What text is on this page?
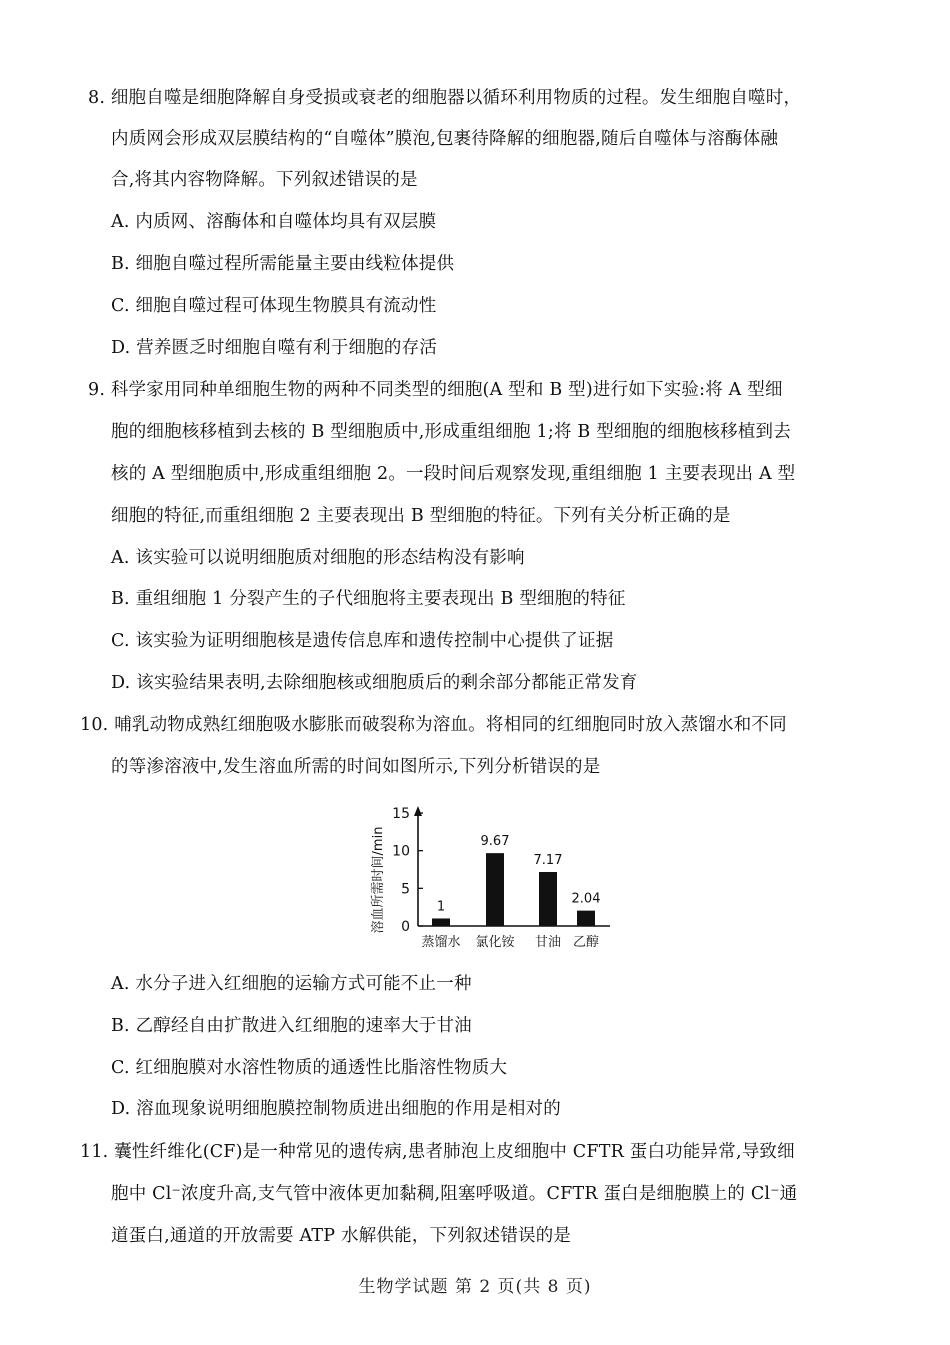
8. 细胞自噬是细胞降解自身受损或衰老的细胞器以循环利用物质的过程。发生细胞自噬时，
内质网会形成双层膜结构的“自噬体”膜泡,包裹待降解的细胞器,随后自噬体与溶酶体融
合,将其内容物降解。下列叙述错误的是
A. 内质网、溶酶体和自噬体均具有双层膜
B. 细胞自噬过程所需能量主要由线粒体提供
C. 细胞自噬过程可体现生物膜具有流动性
D. 营养匮乏时细胞自噬有利于细胞的存活
9. 科学家用同种单细胞生物的两种不同类型的细胞(A 型和 B 型)进行如下实验:将 A 型细
胞的细胞核移植到去核的 B 型细胞质中,形成重组细胞 1;将 B 型细胞的细胞核移植到去
核的 A 型细胞质中,形成重组细胞 2。一段时间后观察发现,重组细胞 1 主要表现出 A 型
细胞的特征,而重组细胞 2 主要表现出 B 型细胞的特征。下列有关分析正确的是
A. 该实验可以说明细胞质对细胞的形态结构没有影响
B. 重组细胞 1 分裂产生的子代细胞将主要表现出 B 型细胞的特征
C. 该实验为证明细胞核是遗传信息库和遗传控制中心提供了证据
D. 该实验结果表明,去除细胞核或细胞质后的剩余部分都能正常发育
10. 哺乳动物成熟红细胞吸水膨胀而破裂称为溶血。将相同的红细胞同时放入蒸馏水和不同
的等渗溶液中,发生溶血所需的时间如图所示,下列分析错误的是
溶血所需时间/min 0
5
10
15
1
蒸馏水
9.67
氯化铵
7.17
甘油
2.04
乙醇
A. 水分子进入红细胞的运输方式可能不止一种
B. 乙醇经自由扩散进入红细胞的速率大于甘油
C. 红细胞膜对水溶性物质的通透性比脂溶性物质大
D. 溶血现象说明细胞膜控制物质进出细胞的作用是相对的
11. 囊性纤维化(CF)是一种常见的遗传病,患者肺泡上皮细胞中 CFTR 蛋白功能异常,导致细
胞中 Cl⁻浓度升高,支气管中液体更加黏稠,阻塞呼吸道。CFTR 蛋白是细胞膜上的 Cl⁻通
道蛋白,通道的开放需要 ATP 水解供能，下列叙述错误的是
生物学试题 第 2 页(共 8 页)
